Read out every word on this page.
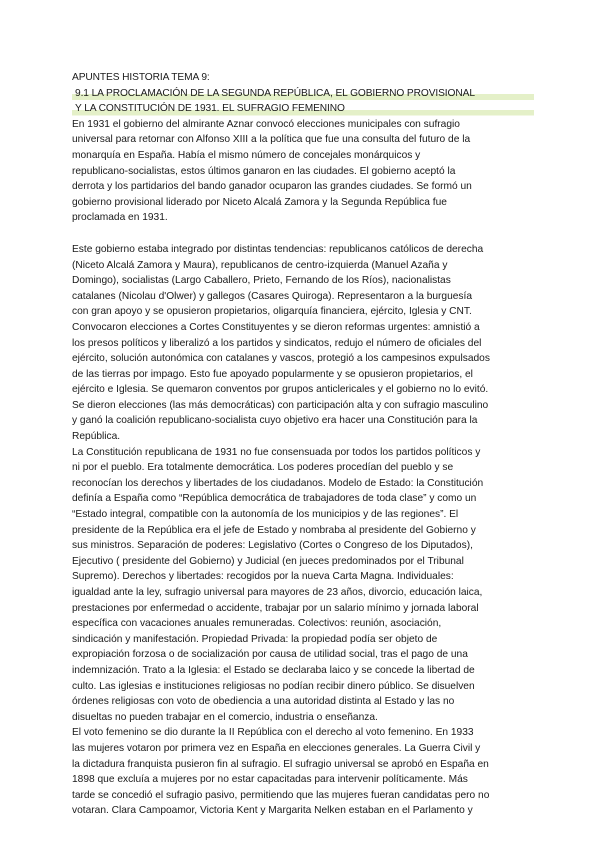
APUNTES HISTORIA TEMA 9:
9.1 LA PROCLAMACIÓN DE LA SEGUNDA REPÚBLICA, EL GOBIERNO PROVISIONAL
Y LA CONSTITUCIÓN DE 1931. EL SUFRAGIO FEMENINO
En 1931 el gobierno del almirante Aznar convocó elecciones municipales con sufragio
universal para retornar con Alfonso XIII a la política que fue una consulta del futuro de la
monarquía en España. Había el mismo número de concejales monárquicos y
republicano-socialistas, estos últimos ganaron en las ciudades. El gobierno aceptó la
derrota y los partidarios del bando ganador ocuparon las grandes ciudades. Se formó un
gobierno provisional liderado por Niceto Alcalá Zamora y la Segunda República fue
proclamada en 1931.
Este gobierno estaba integrado por distintas tendencias: republicanos católicos de derecha
(Niceto Alcalá Zamora y Maura), republicanos de centro-izquierda (Manuel Azaña y
Domingo), socialistas (Largo Caballero, Prieto, Fernando de los Ríos), nacionalistas
catalanes (Nicolau d'Olwer) y gallegos (Casares Quiroga). Representaron a la burguesía
con gran apoyo y se opusieron propietarios, oligarquía financiera, ejército, Iglesia y CNT.
Convocaron elecciones a Cortes Constituyentes y se dieron reformas urgentes: amnistió a
los presos políticos y liberalizó a los partidos y sindicatos, redujo el número de oficiales del
ejército, solución autonómica con catalanes y vascos, protegió a los campesinos expulsados
de las tierras por impago. Esto fue apoyado popularmente y se opusieron propietarios, el
ejército e Iglesia. Se quemaron conventos por grupos anticlericales y el gobierno no lo evitó.
Se dieron elecciones (las más democráticas) con participación alta y con sufragio masculino
y ganó la coalición republicano-socialista cuyo objetivo era hacer una Constitución para la
República.
La Constitución republicana de 1931 no fue consensuada por todos los partidos políticos y
ni por el pueblo. Era totalmente democrática. Los poderes procedían del pueblo y se
reconocían los derechos y libertades de los ciudadanos. Modelo de Estado: la Constitución
definía a España como “República democrática de trabajadores de toda clase” y como un
“Estado integral, compatible con la autonomía de los municipios y de las regiones”. El
presidente de la República era el jefe de Estado y nombraba al presidente del Gobierno y
sus ministros. Separación de poderes: Legislativo (Cortes o Congreso de los Diputados),
Ejecutivo ( presidente del Gobierno) y Judicial (en jueces predominados por el Tribunal
Supremo). Derechos y libertades: recogidos por la nueva Carta Magna. Individuales:
igualdad ante la ley, sufragio universal para mayores de 23 años, divorcio, educación laica,
prestaciones por enfermedad o accidente, trabajar por un salario mínimo y jornada laboral
específica con vacaciones anuales remuneradas. Colectivos: reunión, asociación,
sindicación y manifestación. Propiedad Privada: la propiedad podía ser objeto de
expropiación forzosa o de socialización por causa de utilidad social, tras el pago de una
indemnización. Trato a la Iglesia: el Estado se declaraba laico y se concede la libertad de
culto. Las iglesias e instituciones religiosas no podían recibir dinero público. Se disuelven
órdenes religiosas con voto de obediencia a una autoridad distinta al Estado y las no
disueltas no pueden trabajar en el comercio, industria o enseñanza.
El voto femenino se dio durante la II República con el derecho al voto femenino. En 1933
las mujeres votaron por primera vez en España en elecciones generales. La Guerra Civil y
la dictadura franquista pusieron fin al sufragio. El sufragio universal se aprobó en España en
1898 que excluía a mujeres por no estar capacitadas para intervenir políticamente. Más
tarde se concedió el sufragio pasivo, permitiendo que las mujeres fueran candidatas pero no
votaran. Clara Campoamor, Victoria Kent y Margarita Nelken estaban en el Parlamento y
